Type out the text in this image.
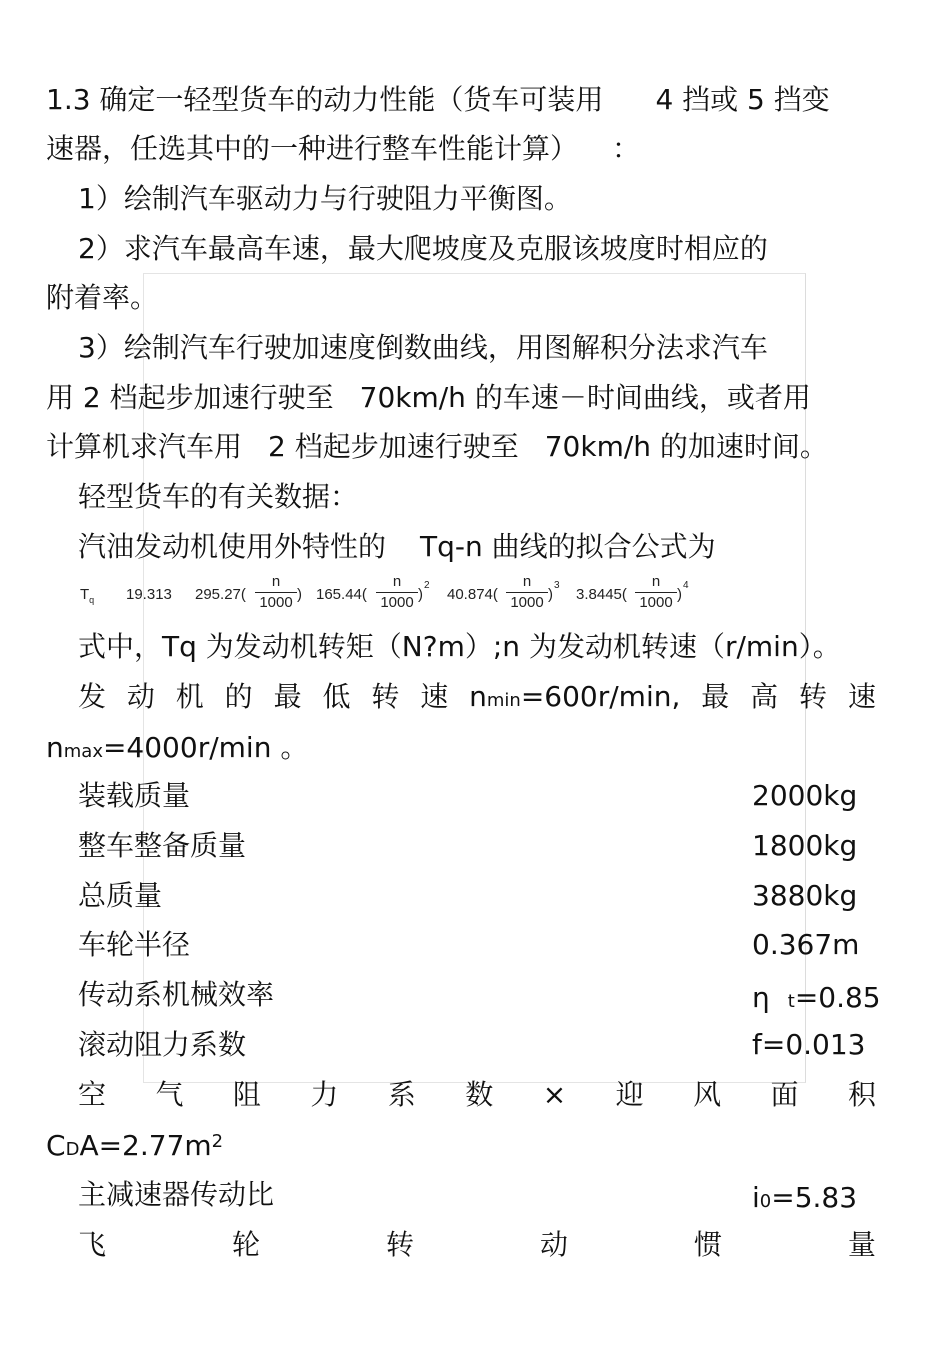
1.3 确定一轻型货车的动力性能（货车可装用 4 挡或 5 挡变
速器，任选其中的一种进行整车性能计算） ：
1）绘制汽车驱动力与行驶阻力平衡图。
2）求汽车最高车速，最大爬坡度及克服该坡度时相应的
附着率。
3）绘制汽车行驶加速度倒数曲线，用图解积分法求汽车
用 2 档起步加速行驶至 70km/h 的车速－时间曲线，或者用
计算机求汽车用 2 档起步加速行驶至 70km/h 的加速时间。
轻型货车的有关数据：
汽油发动机使用外特性的 Tq-n 曲线的拟合公式为
$T_q$ 19.313 295.27(
n
1000 ) 165.44(
n
1000 )
2
40.874(
n
1000 )
3
3.8445(
n
1000 )
4
式中，Tq 为发动机转矩（N?m）;n 为发动机转速（r/min）。
发 动 机 的 最 低 转 速 nmin=600r/min, 最 高 转 速
nmax=4000r/min 。
装载质量	2000kg
整车整备质量	1800kg
总质量	3880kg
车轮半径	0.367m
传动系机械效率	η t=0.85
滚动阻力系数	f=0.013
空 气 阻 力 系 数 × 迎 风 面 积
$CDA=2.77m^2$
主减速器传动比	i0=5.83
飞	轮	转	动	惯	量
